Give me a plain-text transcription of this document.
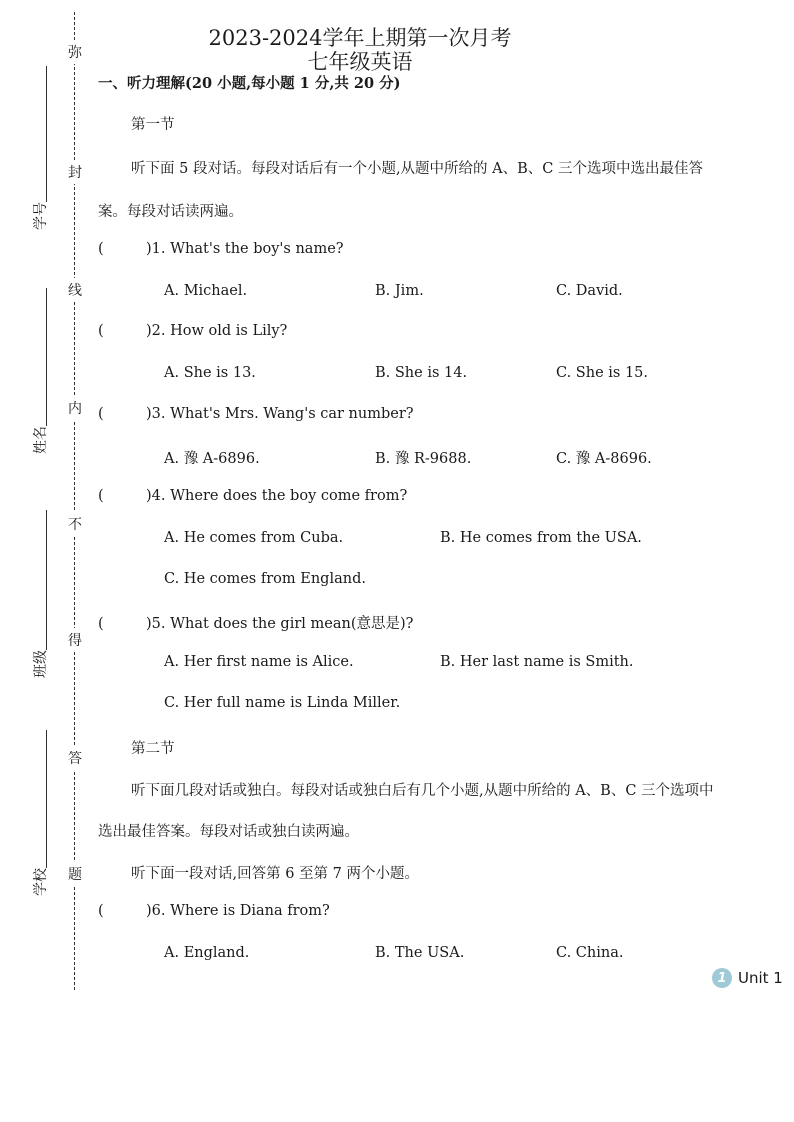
弥
封
线
内
不
得
答
题
学号
姓名
班级
学校
2023-2024学年上期第一次月考
七年级英语
一、听力理解(20 小题,每小题 1 分,共 20 分)
第一节
听下面 5 段对话。每段对话后有一个小题,从题中所给的 A、B、C 三个选项中选出最佳答
案。每段对话读两遍。
(	)1. What's the boy's name?
A. Michael.	B. Jim.	C. David.
(	)2. How old is Lily?
A. She is 13.	B. She is 14.	C. She is 15.
(	)3. What's Mrs. Wang's car number?
A. 豫 A-6896.	B. 豫 R-9688.	C. 豫 A-8696.
(	)4. Where does the boy come from?
A. He comes from Cuba.	B. He comes from the USA.
C. He comes from England.
(	)5. What does the girl mean(意思是)?
A. Her first name is Alice.	B. Her last name is Smith.
C. Her full name is Linda Miller.
第二节
听下面几段对话或独白。每段对话或独白后有几个小题,从题中所给的 A、B、C 三个选项中
选出最佳答案。每段对话或独白读两遍。
听下面一段对话,回答第 6 至第 7 两个小题。
(	)6. Where is Diana from?
A. England.	B. The USA.	C. China.
1 Unit 1
